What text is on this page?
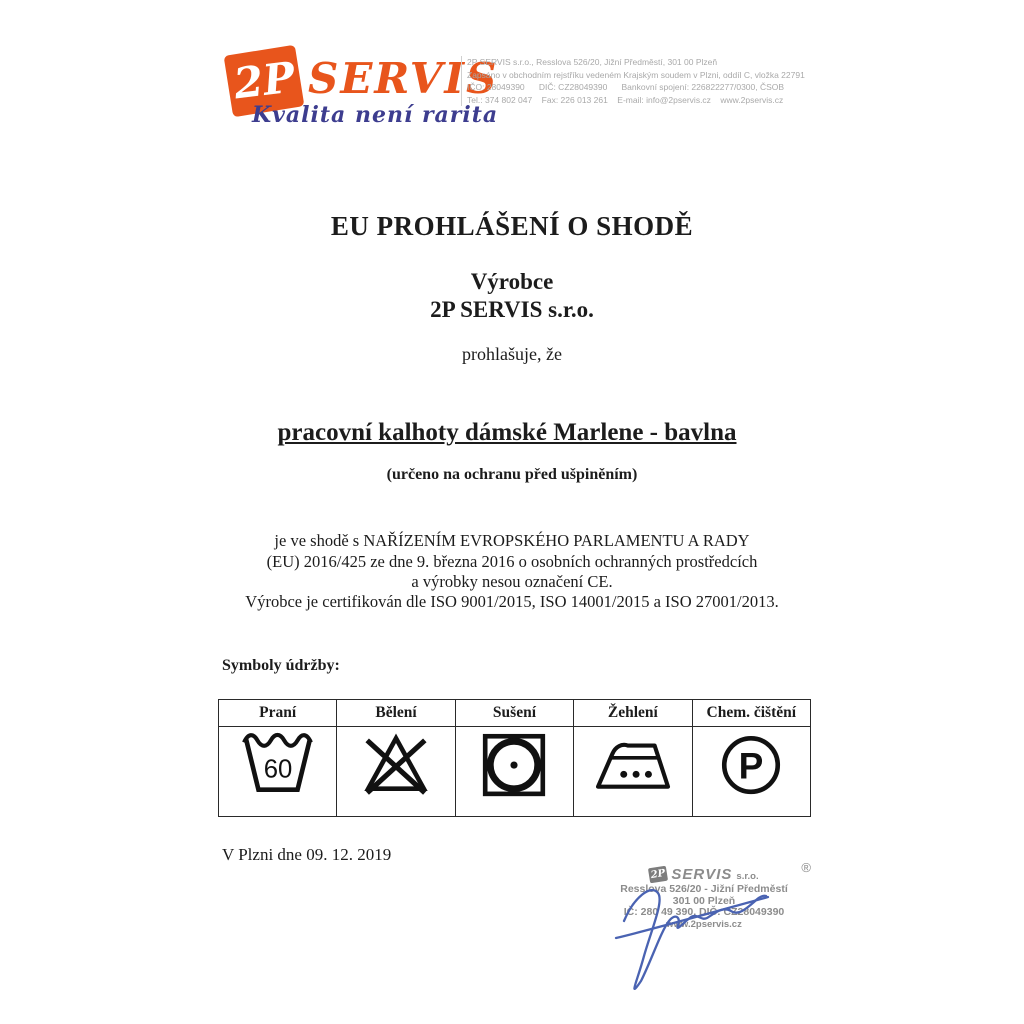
2P SERVIS
Kvalita není rarita
2P SERVIS s.r.o., Resslova 526/20, Jižní Předměstí, 301 00 Plzeň
Zapsáno v obchodním rejstříku vedeném Krajským soudem v Plzni, oddíl C, vložka 22791
IČO: 28049390      DIČ: CZ28049390      Bankovní spojení: 226822277/0300, ČSOB
Tel.: 374 802 047    Fax: 226 013 261    E-mail: info@2pservis.cz    www.2pservis.cz
EU PROHLÁŠENÍ O SHODĚ
Výrobce
2P SERVIS s.r.o.
prohlašuje, že
pracovní kalhoty dámské Marlene - bavlna
(určeno na ochranu před ušpiněním)
je ve shodě s NAŘÍZENÍM EVROPSKÉHO PARLAMENTU A RADY
(EU) 2016/425 ze dne 9. března 2016 o osobních ochranných prostředcích
a výrobky nesou označení CE.
Výrobce je certifikován dle ISO 9001/2015, ISO 14001/2015 a ISO 27001/2013.
Symboly údržby:
Praní	Bělení	Sušení	Žehlení	Chem. čištění

60				P
V Plzni dne 09. 12. 2019
2P SERVIS s.r.o.
®
Resslova 526/20 - Jižní Předměstí
301 00 Plzeň
IČ: 280 49 390, DIČ: CZ28049390
www.2pservis.cz
